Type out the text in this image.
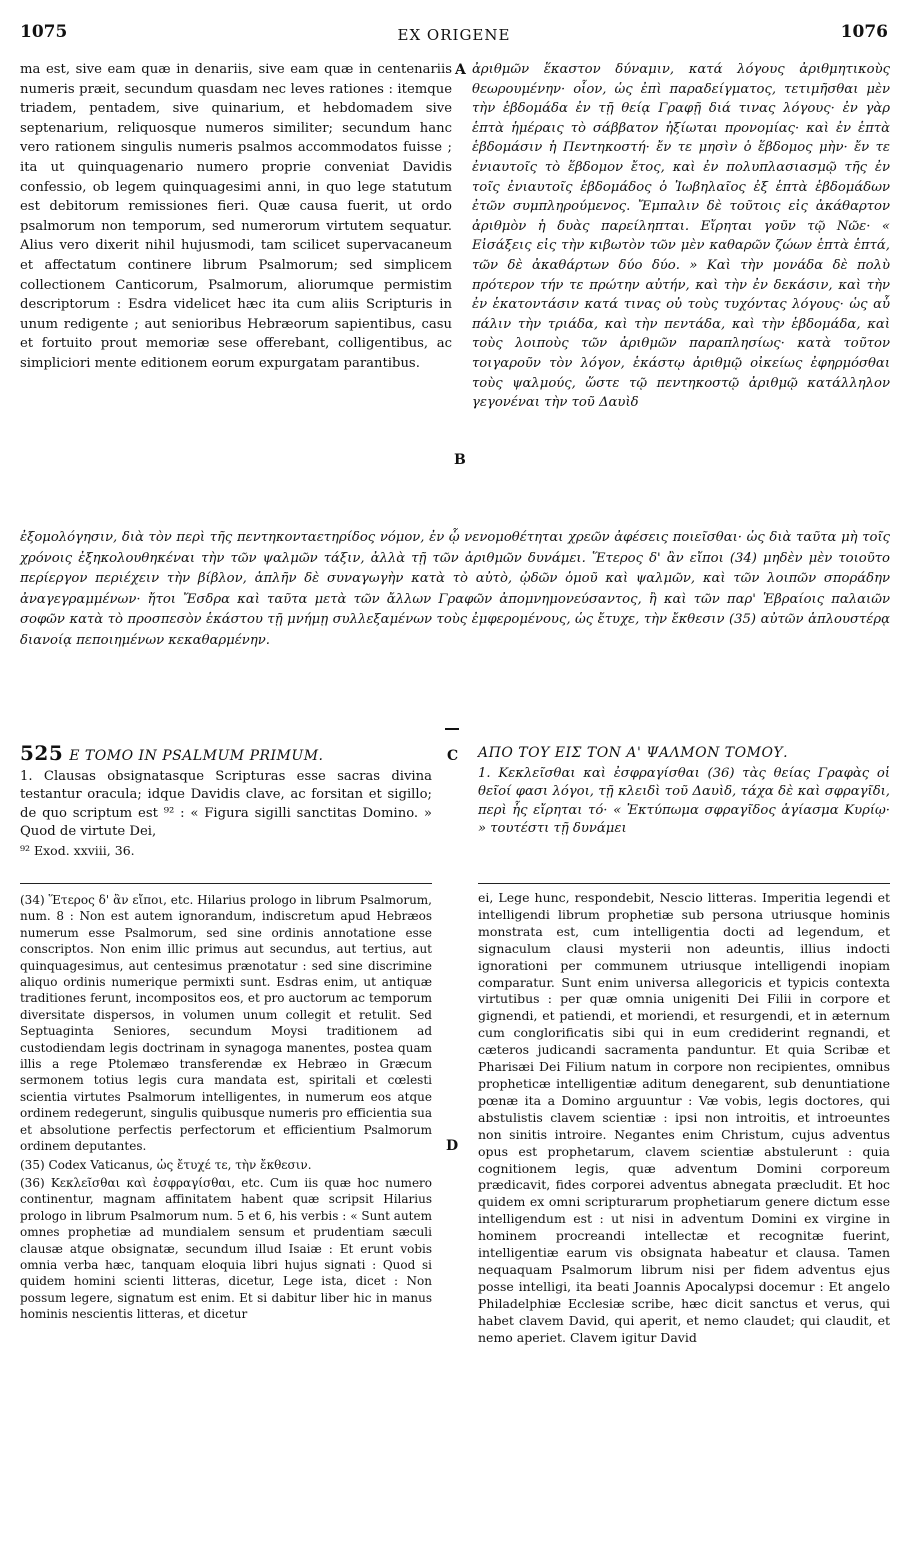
1075	EX ORIGENE	1076

ma est, sive eam quæ in denariis, sive eam quæ in centenariis numeris præit, secundum quasdam nec leves rationes : itemque triadem, pentadem, sive quinarium, et hebdomadem sive septenarium, reliquosque numeros similiter; secundum hanc vero rationem singulis numeris psalmos accommodatos fuisse ; ita ut quinquagenario numero proprie conveniat Davidis confessio, ob legem quinquagesimi anni, in quo lege statutum est debitorum remissiones fieri. Quæ causa fuerit, ut ordo psalmorum non temporum, sed numerorum virtutem sequatur. Alius vero dixerit nihil hujusmodi, tam scilicet supervacaneum et affectatum continere librum Psalmorum; sed simplicem collectionem Canticorum, Psalmorum, aliorumque permistim descriptorum : Esdra videlicet hæc ita cum aliis Scripturis in unum redigente ; aut senioribus Hebræorum sapientibus, casu et fortuito prout memoriæ sese offerebant, colligentibus, ac simpliciori mente editionem eorum expurgatam parantibus.

A
B

ἀριθμῶν ἕκαστον δύναμιν, κατά λόγους ἀριθμητικοὺς θεωρουμένην· οἷον, ὡς ἐπὶ παραδείγματος, τετιμῆσθαι μὲν τὴν ἑβδομάδα ἐν τῇ θείᾳ Γραφῇ διά τινας λόγους· ἐν γὰρ ἑπτὰ ἡμέραις τὸ σάββατον ἠξίωται προνομίας· καὶ ἐν ἑπτὰ ἑβδομάσιν ἡ Πεντηκοστή· ἔν τε μησὶν ὁ ἕβδομος μὴν· ἔν τε ἐνιαυτοῖς τὸ ἕβδομον ἔτος, καὶ ἐν πολυπλασιασμῷ τῆς ἐν τοῖς ἐνιαυτοῖς ἑβδομάδος ὁ Ἰωβηλαῖος ἐξ ἑπτὰ ἑβδομάδων ἐτῶν συμπληρούμενος. Ἔμπαλιν δὲ τοῦτοις εἰς ἀκάθαρτον ἀριθμὸν ἡ δυὰς παρείληπται. Εἴρηται γοῦν τῷ Νῶε· « Εἰσάξεις εἰς τὴν κιβωτὸν τῶν μὲν καθαρῶν ζώων ἑπτὰ ἑπτά, τῶν δὲ ἀκαθάρτων δύο δύο. » Καὶ τὴν μονάδα δὲ πολὺ πρότερον τήν τε πρώτην αὐτήν, καὶ τὴν ἐν δεκάσιν, καὶ τὴν ἐν ἑκατοντάσιν κατά τινας οὐ τοὺς τυχόντας λόγους· ὡς αὖ πάλιν τὴν τριάδα, καὶ τὴν πεντάδα, καὶ τὴν ἑβδομάδα, καὶ τοὺς λοιποὺς τῶν ἀριθμῶν παραπλησίως· κατὰ τοῦτον τοιγαροῦν τὸν λόγον, ἑκάστῳ ἀριθμῷ οἰκείως ἐφηρμόσθαι τοὺς ψαλμούς, ὥστε τῷ πεντηκοστῷ ἀριθμῷ κατάλληλον γεγονέναι τὴν τοῦ Δαυὶδ

ἐξομολόγησιν, διὰ τὸν περὶ τῆς πεντηκονταετηρίδος νόμον, ἐν ᾧ νενομοθέτηται χρεῶν ἀφέσεις ποιεῖσθαι· ὡς διὰ ταῦτα μὴ τοῖς χρόνοις ἐξηκολουθηκέναι τὴν τῶν ψαλμῶν τάξιν, ἀλλὰ τῇ τῶν ἀριθμῶν δυνάμει. Ἕτερος δ' ἂν εἴποι (34) μηδὲν μὲν τοιοῦτο περίεργον περιέχειν τὴν βίβλον, ἁπλῆν δὲ συναγωγὴν κατὰ τὸ αὐτὸ, ᾠδῶν ὁμοῦ καὶ ψαλμῶν, καὶ τῶν λοιπῶν σποράδην ἀναγεγραμμένων· ἤτοι Ἔσδρα καὶ ταῦτα μετὰ τῶν ἄλλων Γραφῶν ἀπομνημονεύσαντος, ἢ καὶ τῶν παρ' Ἑβραίοις παλαιῶν σοφῶν κατὰ τὸ προσπεσὸν ἑκάστου τῇ μνήμῃ συλλεξαμένων τοὺς ἐμφερομένους, ὡς ἔτυχε, τὴν ἔκθεσιν (35) αὐτῶν ἁπλουστέρᾳ διανοίᾳ πεποιημένων κεκαθαρμένην.

C
525 E TOMO IN PSALMUM PRIMUM.

1. Clausas obsignatasque Scripturas esse sacras divina testantur oracula; idque Davidis clave, ac forsitan et sigillo; de quo scriptum est ⁹² : « Figura sigilli sanctitas Domino. » Quod de virtute Dei,

⁹² Exod. xxviii, 36.

ΑΠΟ ΤΟΥ ΕΙΣ ΤΟΝ Α' ΨΑΛΜΟΝ ΤΟΜΟΥ.

1. Κεκλεῖσθαι καὶ ἐσφραγίσθαι (36) τὰς θείας Γραφὰς οἱ θεῖοί φασι λόγοι, τῇ κλειδὶ τοῦ Δαυὶδ, τάχα δὲ καὶ σφραγῖδι, περὶ ἧς εἴρηται τό· « Ἐκτύπωμα σφραγῖδος ἁγίασμα Κυρίῳ· » τουτέστι τῇ δυνάμει

(34) Ἕτερος δ' ἂν εἴποι, etc. Hilarius prologo in librum Psalmorum, num. 8 : Non est autem ignorandum, indiscretum apud Hebræos numerum esse Psalmorum, sed sine ordinis annotatione esse conscriptos. Non enim illic primus aut secundus, aut tertius, aut quinquagesimus, aut centesimus prænotatur : sed sine discrimine aliquo ordinis numerique permixti sunt. Esdras enim, ut antiquæ traditiones ferunt, incompositos eos, et pro auctorum ac temporum diversitate dispersos, in volumen unum collegit et retulit. Sed Septuaginta Seniores, secundum Moysi traditionem ad custodiendam legis doctrinam in synagoga manentes, postea quam illis a rege Ptolemæo transferendæ ex Hebræo in Græcum sermonem totius legis cura mandata est, spiritali et cœlesti scientia virtutes Psalmorum intelligentes, in numerum eos atque ordinem redegerunt, singulis quibusque numeris pro efficientia sua et absolutione perfectis perfectorum et efficientium Psalmorum ordinem deputantes.

(35) Codex Vaticanus, ὡς ἔτυχέ τε, τὴν ἔκθεσιν.

(36) Κεκλεῖσθαι καὶ ἐσφραγίσθαι, etc. Cum iis quæ hoc numero continentur, magnam affinitatem habent quæ scripsit Hilarius prologo in librum Psalmorum num. 5 et 6, his verbis : « Sunt autem omnes prophetiæ ad mundialem sensum et prudentiam sæculi clausæ atque obsignatæ, secundum illud Isaiæ : Et erunt vobis omnia verba hæc, tanquam eloquia libri hujus signati : Quod si quidem homini scienti litteras, dicetur, Lege ista, dicet : Non possum legere, signatum est enim. Et si dabitur liber hic in manus hominis nescientis litteras, et dicetur

D

ei, Lege hunc, respondebit, Nescio litteras. Imperitia legendi et intelligendi librum prophetiæ sub persona utriusque hominis monstrata est, cum intelligentia docti ad legendum, et signaculum clausi mysterii non adeuntis, illius indocti ignorationi per communem utriusque intelligendi inopiam comparatur. Sunt enim universa allegoricis et typicis contexta virtutibus : per quæ omnia unigeniti Dei Filii in corpore et gignendi, et patiendi, et moriendi, et resurgendi, et in æternum cum conglorificatis sibi qui in eum crediderint regnandi, et cæteros judicandi sacramenta panduntur. Et quia Scribæ et Pharisæi Dei Filium natum in corpore non recipientes, omnibus propheticæ intelligentiæ aditum denegarent, sub denuntiatione pœnæ ita a Domino arguuntur : Væ vobis, legis doctores, qui abstulistis clavem scientiæ : ipsi non introitis, et introeuntes non sinitis introire. Negantes enim Christum, cujus adventus opus est prophetarum, clavem scientiæ abstulerunt : quia cognitionem legis, quæ adventum Domini corporeum prædicavit, fides corporei adventus abnegata præcludit. Et hoc quidem ex omni scripturarum prophetiarum genere dictum esse intelligendum est : ut nisi in adventum Domini ex virgine in hominem procreandi intellectæ et recognitæ fuerint, intelligentiæ earum vis obsignata habeatur et clausa. Tamen nequaquam Psalmorum librum nisi per fidem adventus ejus posse intelligi, ita beati Joannis Apocalypsi docemur : Et angelo Philadelphiæ Ecclesiæ scribe, hæc dicit sanctus et verus, qui habet clavem David, qui aperit, et nemo claudet; qui claudit, et nemo aperiet. Clavem igitur David
